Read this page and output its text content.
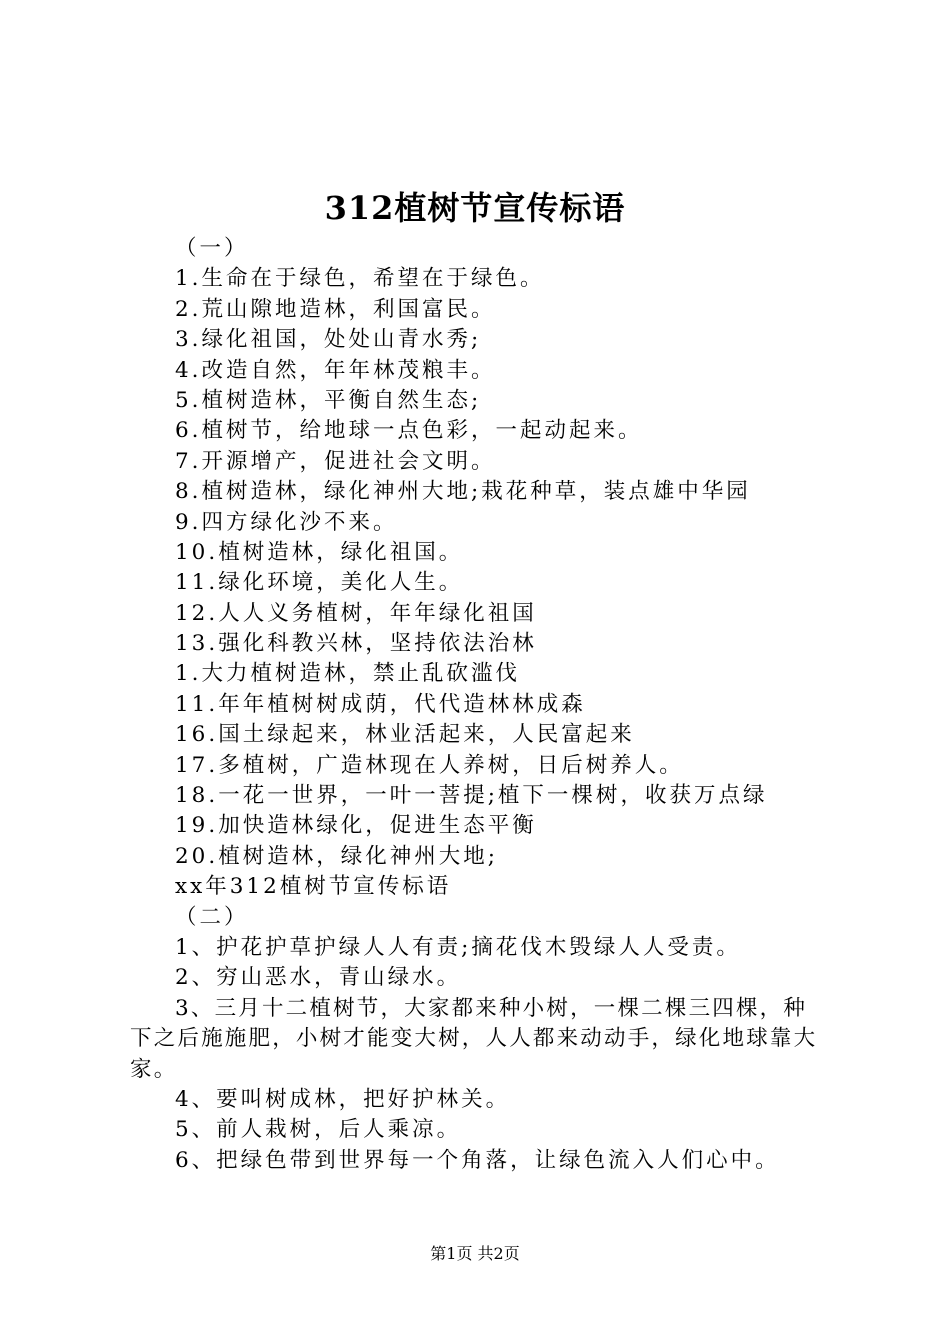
312植树节宣传标语
（一）
1.生命在于绿色，希望在于绿色。
2.荒山隙地造林，利国富民。
3.绿化祖国，处处山青水秀;
4.改造自然，年年林茂粮丰。
5.植树造林，平衡自然生态;
6.植树节，给地球一点色彩，一起动起来。
7.开源增产，促进社会文明。
8.植树造林，绿化神州大地;栽花种草，装点雄中华园
9.四方绿化沙不来。
10.植树造林，绿化祖国。
11.绿化环境，美化人生。
12.人人义务植树，年年绿化祖国
13.强化科教兴林，坚持依法治林
1.大力植树造林，禁止乱砍滥伐
11.年年植树树成荫，代代造林林成森
16.国土绿起来，林业活起来，人民富起来
17.多植树，广造林现在人养树，日后树养人。
18.一花一世界，一叶一菩提;植下一棵树，收获万点绿
19.加快造林绿化，促进生态平衡
20.植树造林，绿化神州大地;
xx年312植树节宣传标语
（二）
1、护花护草护绿人人有责;摘花伐木毁绿人人受责。
2、穷山恶水，青山绿水。
3、三月十二植树节，大家都来种小树，一棵二棵三四棵，种下之后施施肥，小树才能变大树，人人都来动动手，绿化地球靠大家。
4、要叫树成林，把好护林关。
5、前人栽树，后人乘凉。
6、把绿色带到世界每一个角落，让绿色流入人们心中。
第1页 共2页
